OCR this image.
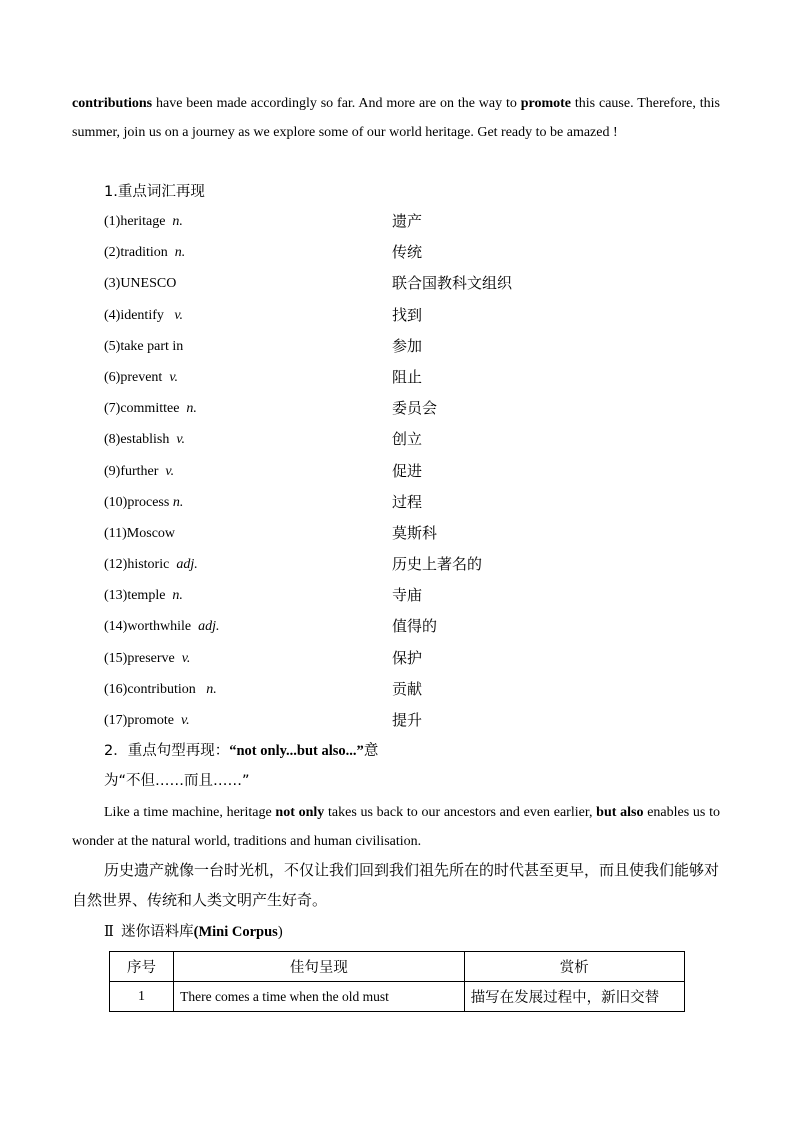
contributions have been made accordingly so far. And more are on the way to promote this cause. Therefore, this summer, join us on a journey as we explore some of our world heritage. Get ready to be amazed !
1.重点词汇再现
(1)heritage  n.	遗产
(2)tradition  n.	传统
(3)UNESCO	联合国教科文组织
(4)identify   v.	找到
(5)take part in	参加
(6)prevent  v.	阻止
(7)committee  n.	委员会
(8)establish  v.	创立
(9)further  v.	促进
(10)process n.	过程
(11)Moscow	莫斯科
(12)historic  adj.	历史上著名的
(13)temple  n.	寺庙
(14)worthwhile  adj.	值得的
(15)preserve  v.	保护
(16)contribution   n.	贡献
(17)promote  v.	提升
2．重点句型再现：“not only...but also...”意
为“不但……而且……”
Like a time machine, heritage not only takes us back to our ancestors and even earlier, but also enables us to wonder at the natural world, traditions and human civilisation.
历史遗产就像一台时光机，不仅让我们回到我们祖先所在的时代甚至更早，而且使我们能够对自然世界、传统和人类文明产生好奇。
Ⅱ 迷你语料库(Mini Corpus)
序号	佳句呈现	赏析
1	There comes a time when the old must	描写在发展过程中，新旧交替
